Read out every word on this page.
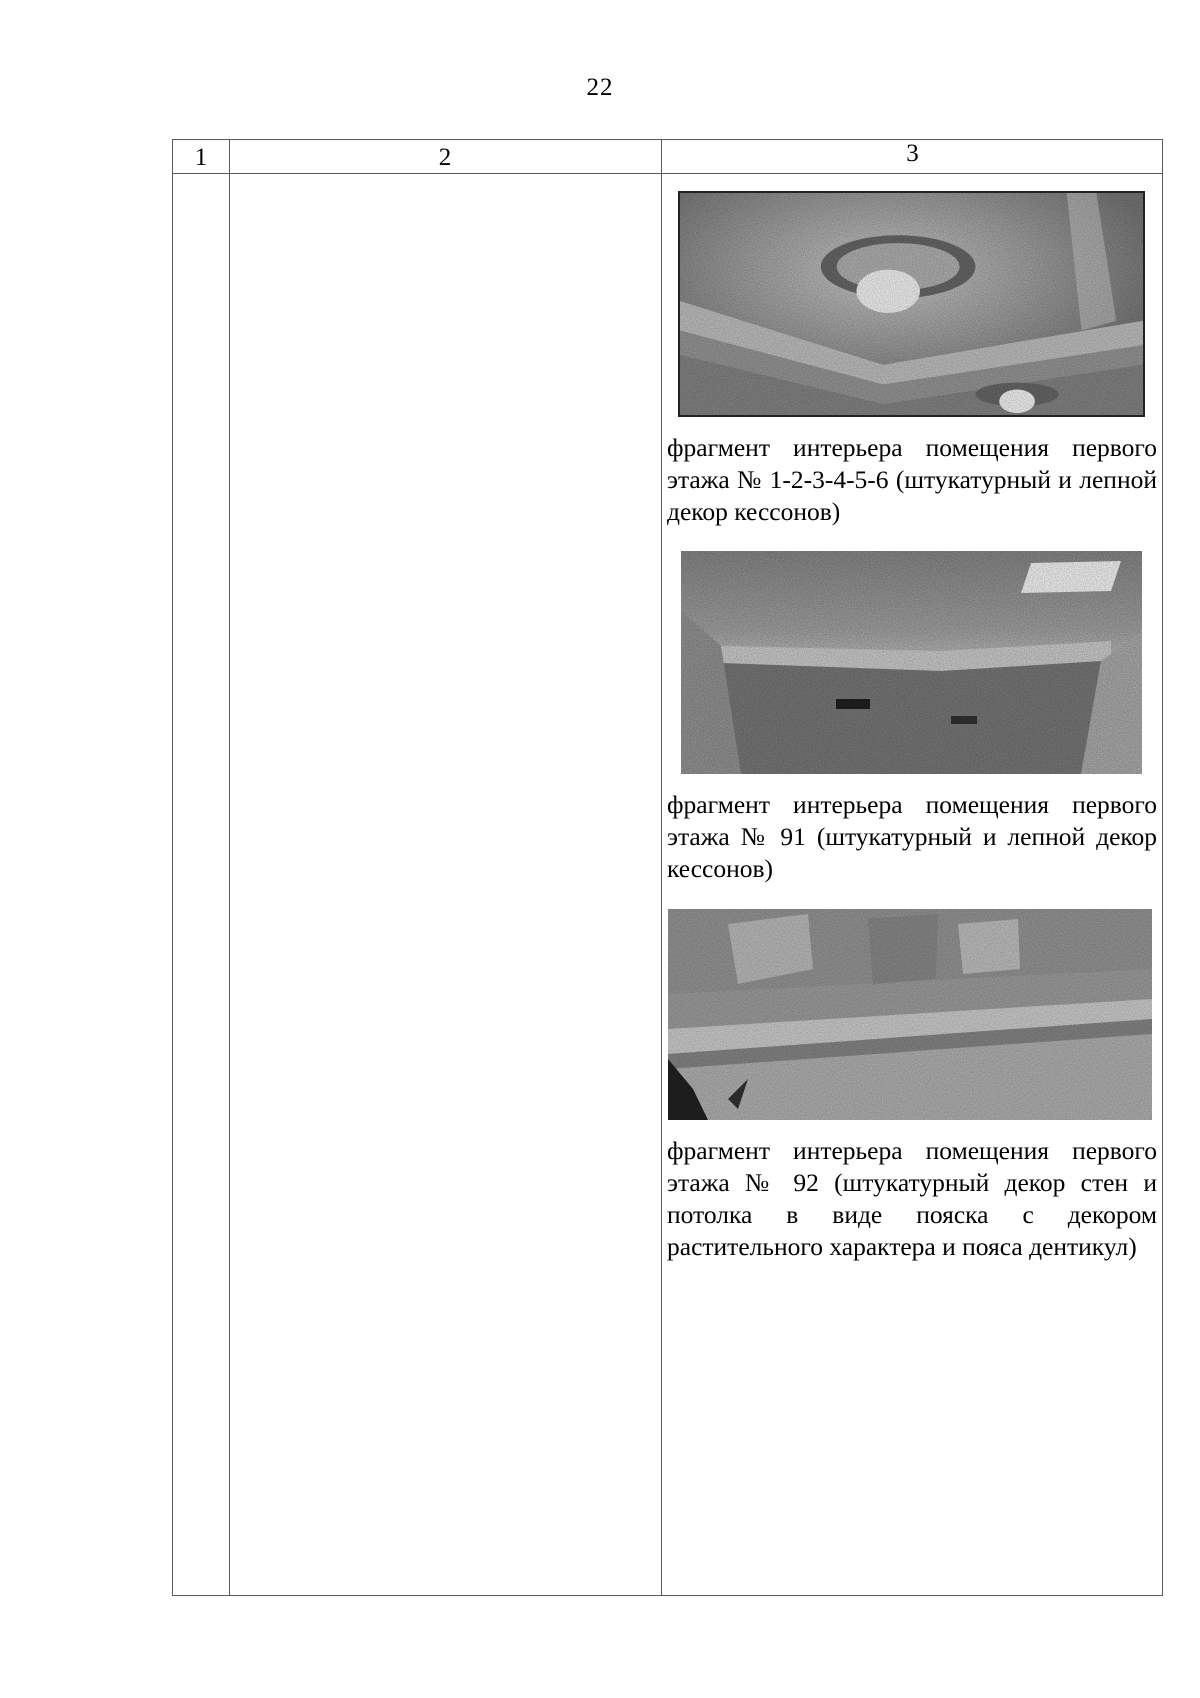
22
1	2	3
фрагмент интерьера помещения первого этажа № 1-2-3-4-5-6 (штукатурный и лепной декор кессонов)
фрагмент интерьера помещения первого этажа № 91 (штукатурный и лепной декор кессонов)
фрагмент интерьера помещения первого этажа № 92 (штукатурный декор стен и потолка в виде пояска с декором растительного характера и пояса дентикул)
